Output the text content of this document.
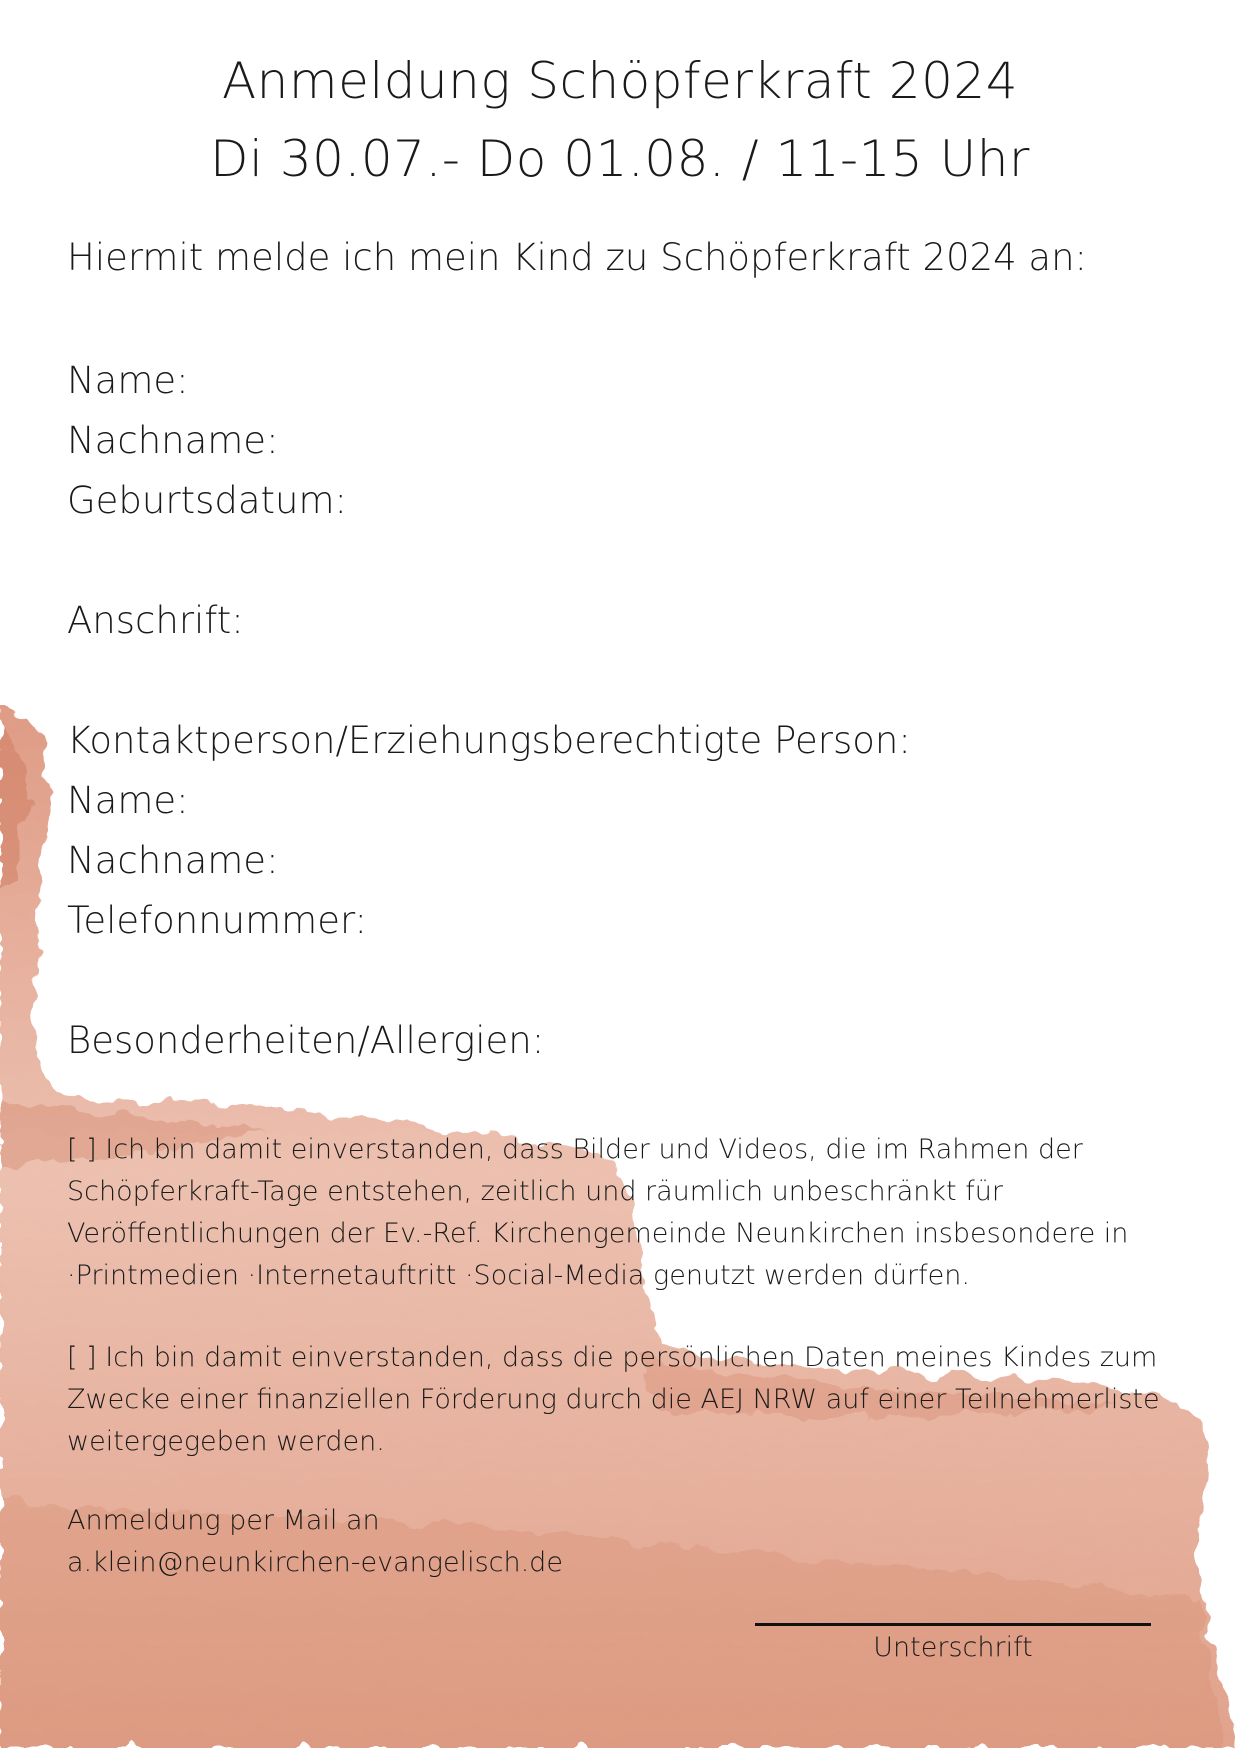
Anmeldung Schöpferkraft 2024
Di 30.07.- Do 01.08. / 11-15 Uhr

Hiermit melde ich mein Kind zu Schöpferkraft 2024 an:

Name:

Nachname:

Geburtsdatum:

Anschrift:

Kontaktperson/Erziehungsberechtigte Person:

Name:

Nachname:

Telefonnummer:

Besonderheiten/Allergien:

[ ] Ich bin damit einverstanden, dass Bilder und Videos, die im Rahmen der
Schöpferkraft-Tage entstehen, zeitlich und räumlich unbeschränkt für
Veröffentlichungen der Ev.-Ref. Kirchengemeinde Neunkirchen insbesondere in
·Printmedien ·Internetauftritt ·Social-Media genutzt werden dürfen.
[ ] Ich bin damit einverstanden, dass die persönlichen Daten meines Kindes zum
Zwecke einer finanziellen Förderung durch die AEJ NRW auf einer Teilnehmerliste
weitergegeben werden.
Anmeldung per Mail an
a.klein@neunkirchen-evangelisch.de

Unterschrift
